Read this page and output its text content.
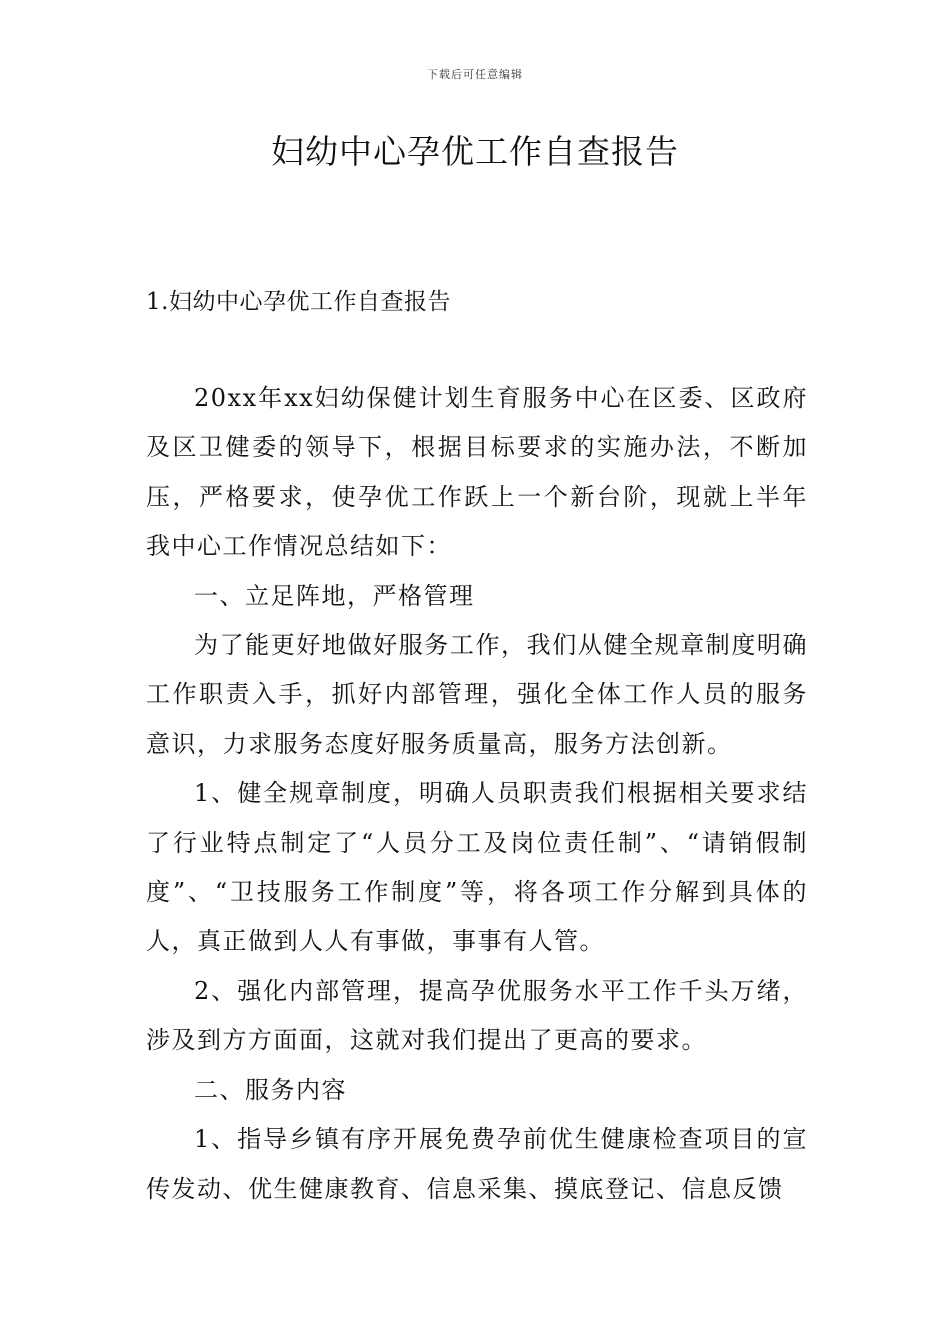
下载后可任意编辑
妇幼中心孕优工作自查报告
1.妇幼中心孕优工作自查报告

20xx年xx妇幼保健计划生育服务中心在区委、区政府及区卫健委的领导下，根据目标要求的实施办法，不断加压，严格要求，使孕优工作跃上一个新台阶，现就上半年我中心工作情况总结如下：

一、立足阵地，严格管理

为了能更好地做好服务工作，我们从健全规章制度明确工作职责入手，抓好内部管理，强化全体工作人员的服务意识，力求服务态度好服务质量高，服务方法创新。

1、健全规章制度，明确人员职责我们根据相关要求结了行业特点制定了“人员分工及岗位责任制”、“请销假制度”、“卫技服务工作制度”等，将各项工作分解到具体的人，真正做到人人有事做，事事有人管。

2、强化内部管理，提高孕优服务水平工作千头万绪，涉及到方方面面，这就对我们提出了更高的要求。

二、服务内容

1、指导乡镇有序开展免费孕前优生健康检查项目的宣传发动、优生健康教育、信息采集、摸底登记、信息反馈
